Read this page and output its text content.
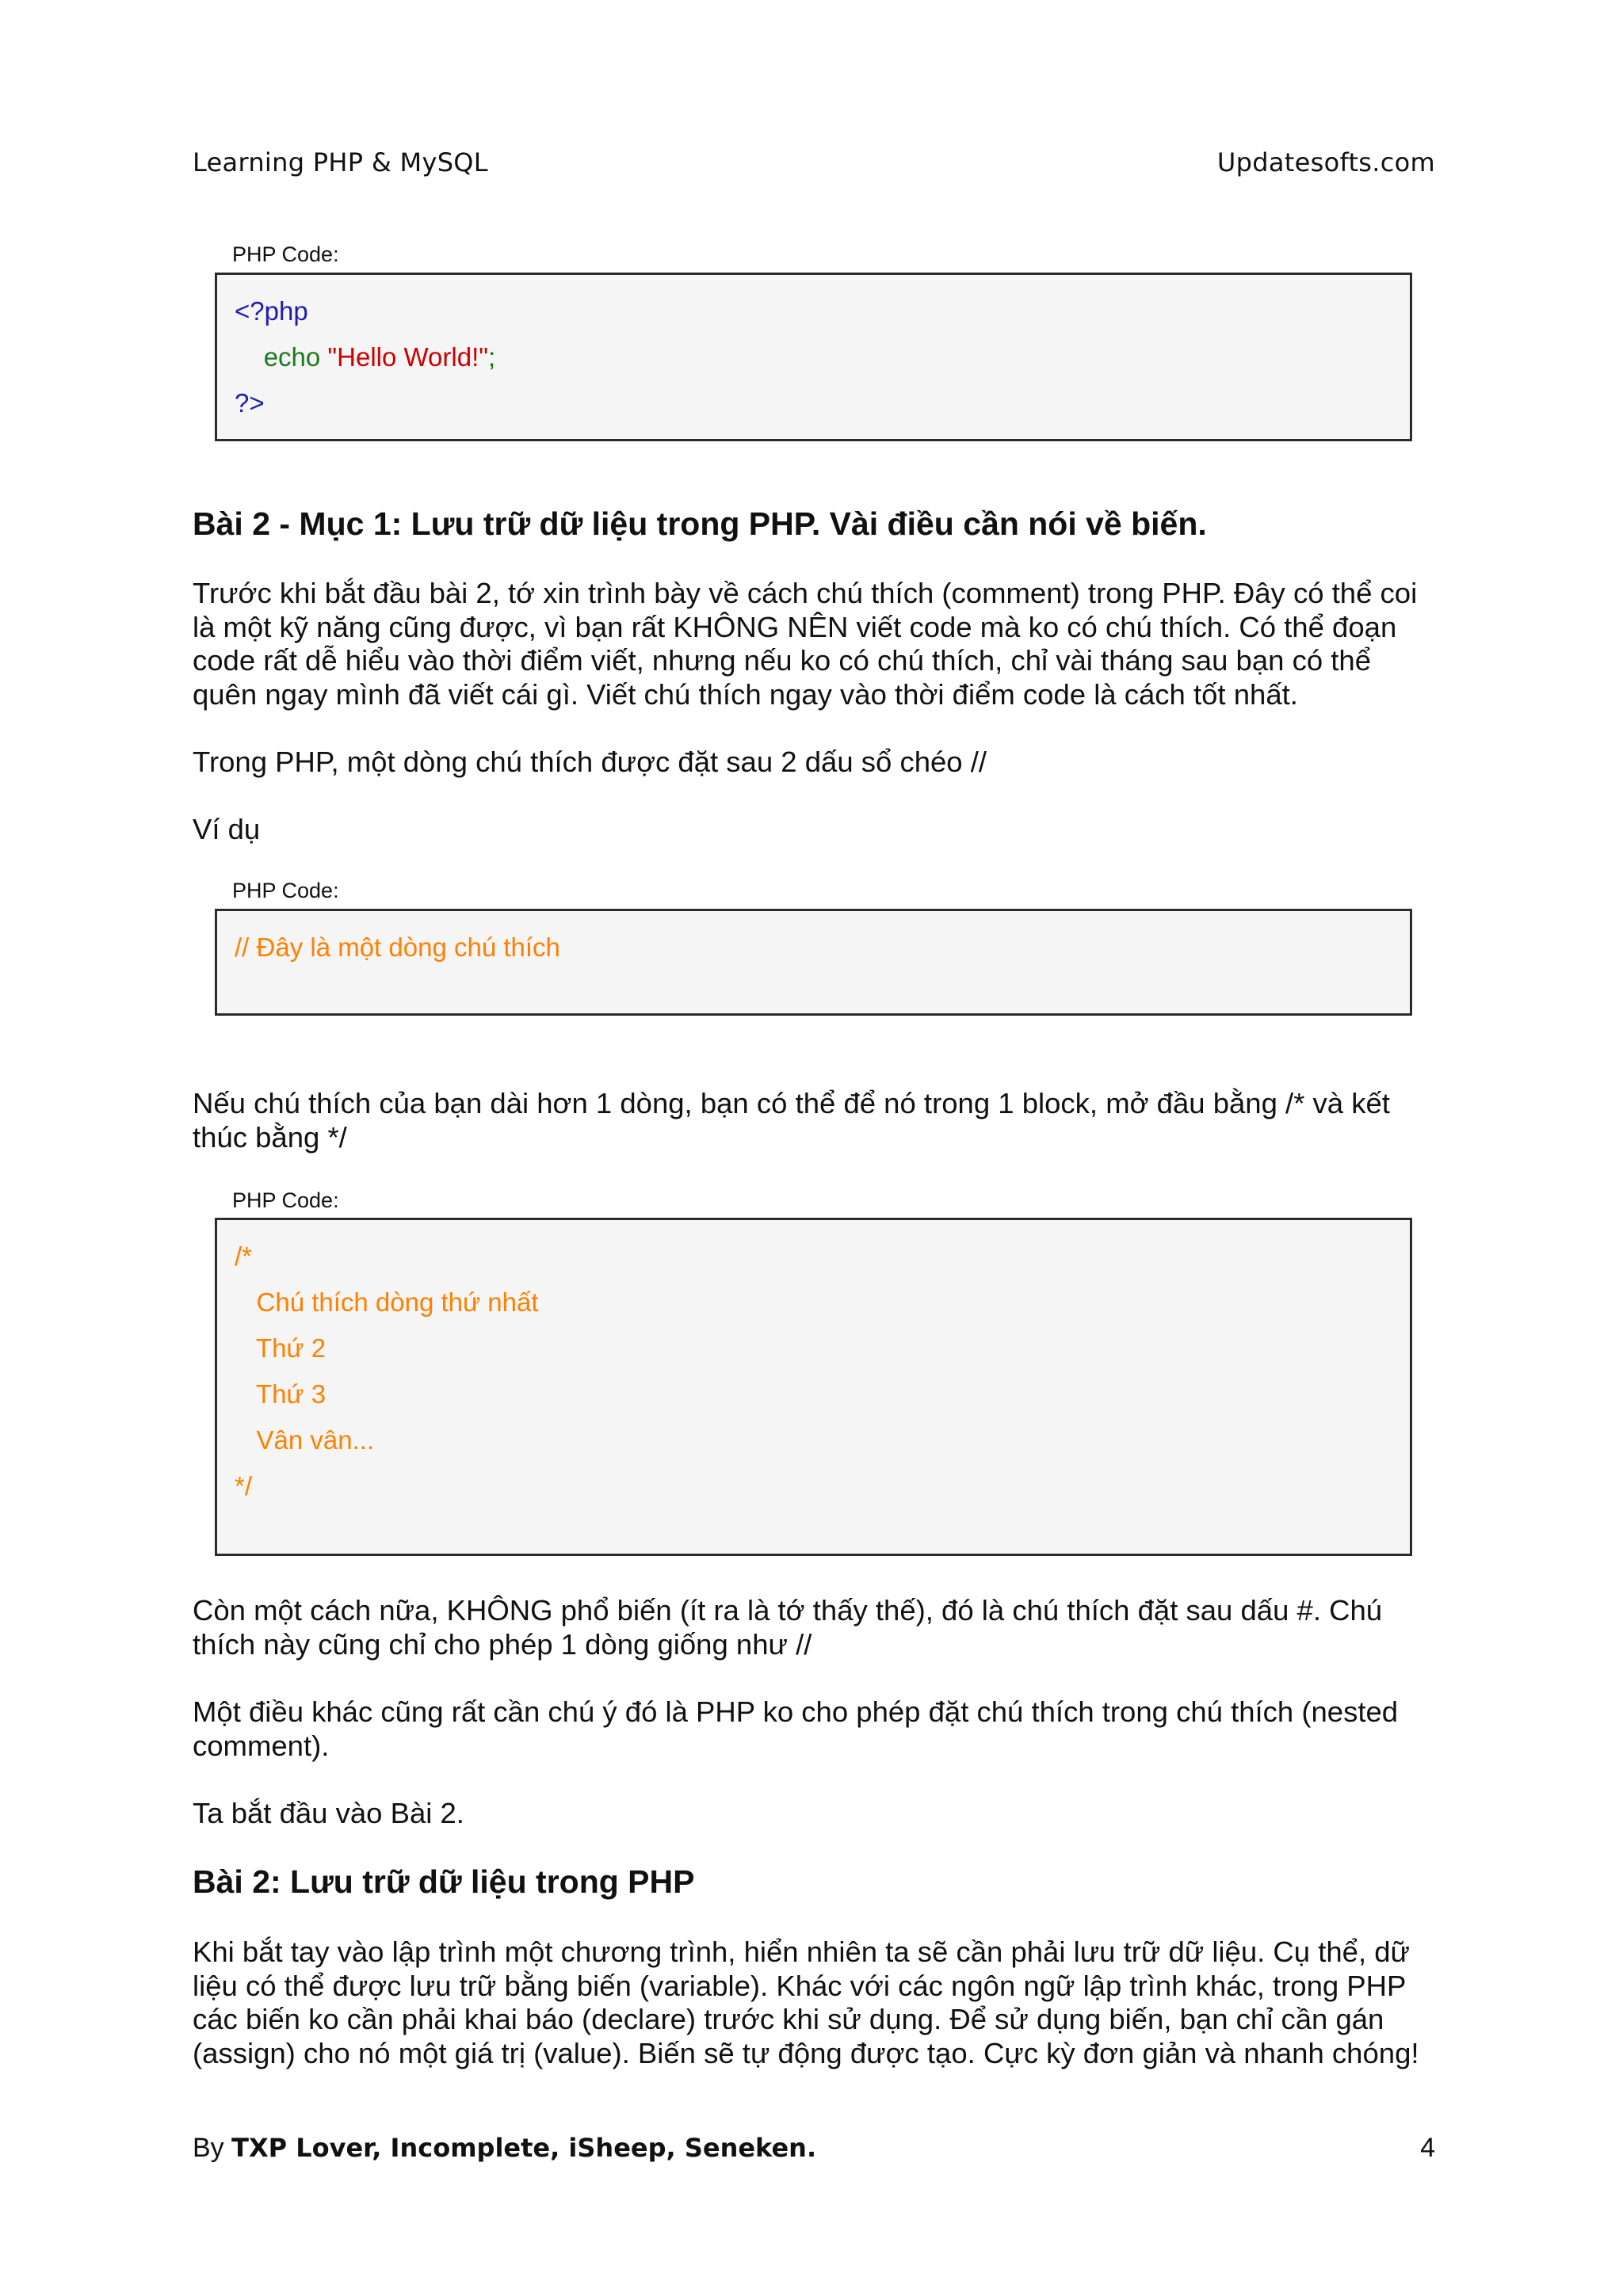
Learning PHP & MySQL	Updatesofts.com
PHP Code:
<?php
echo "Hello World!";
?>
Bài 2 - Mục 1: Lưu trữ dữ liệu trong PHP. Vài điều cần nói về biến.

Trước khi bắt đầu bài 2, tớ xin trình bày về cách chú thích (comment) trong PHP. Đây có thể coi là một kỹ năng cũng được, vì bạn rất KHÔNG NÊN viết code mà ko có chú thích. Có thể đoạn code rất dễ hiểu vào thời điểm viết, nhưng nếu ko có chú thích, chỉ vài tháng sau bạn có thể quên ngay mình đã viết cái gì. Viết chú thích ngay vào thời điểm code là cách tốt nhất.

Trong PHP, một dòng chú thích được đặt sau 2 dấu sổ chéo //

Ví dụ

PHP Code:
// Đây là một dòng chú thích

Nếu chú thích của bạn dài hơn 1 dòng, bạn có thể để nó trong 1 block, mở đầu bằng /* và kết thúc bằng */

PHP Code:
/*
Chú thích dòng thứ nhất
Thứ 2
Thứ 3
Vân vân...
*/

Còn một cách nữa, KHÔNG phổ biến (ít ra là tớ thấy thế), đó là chú thích đặt sau dấu #. Chú thích này cũng chỉ cho phép 1 dòng giống như //

Một điều khác cũng rất cần chú ý đó là PHP ko cho phép đặt chú thích trong chú thích (nested comment).

Ta bắt đầu vào Bài 2.

Bài 2: Lưu trữ dữ liệu trong PHP

Khi bắt tay vào lập trình một chương trình, hiển nhiên ta sẽ cần phải lưu trữ dữ liệu. Cụ thể, dữ liệu có thể được lưu trữ bằng biến (variable). Khác với các ngôn ngữ lập trình khác, trong PHP các biến ko cần phải khai báo (declare) trước khi sử dụng. Để sử dụng biến, bạn chỉ cần gán (assign) cho nó một giá trị (value). Biến sẽ tự động được tạo. Cực kỳ đơn giản và nhanh chóng!

By TXP Lover, Incomplete, iSheep, Seneken.	4
